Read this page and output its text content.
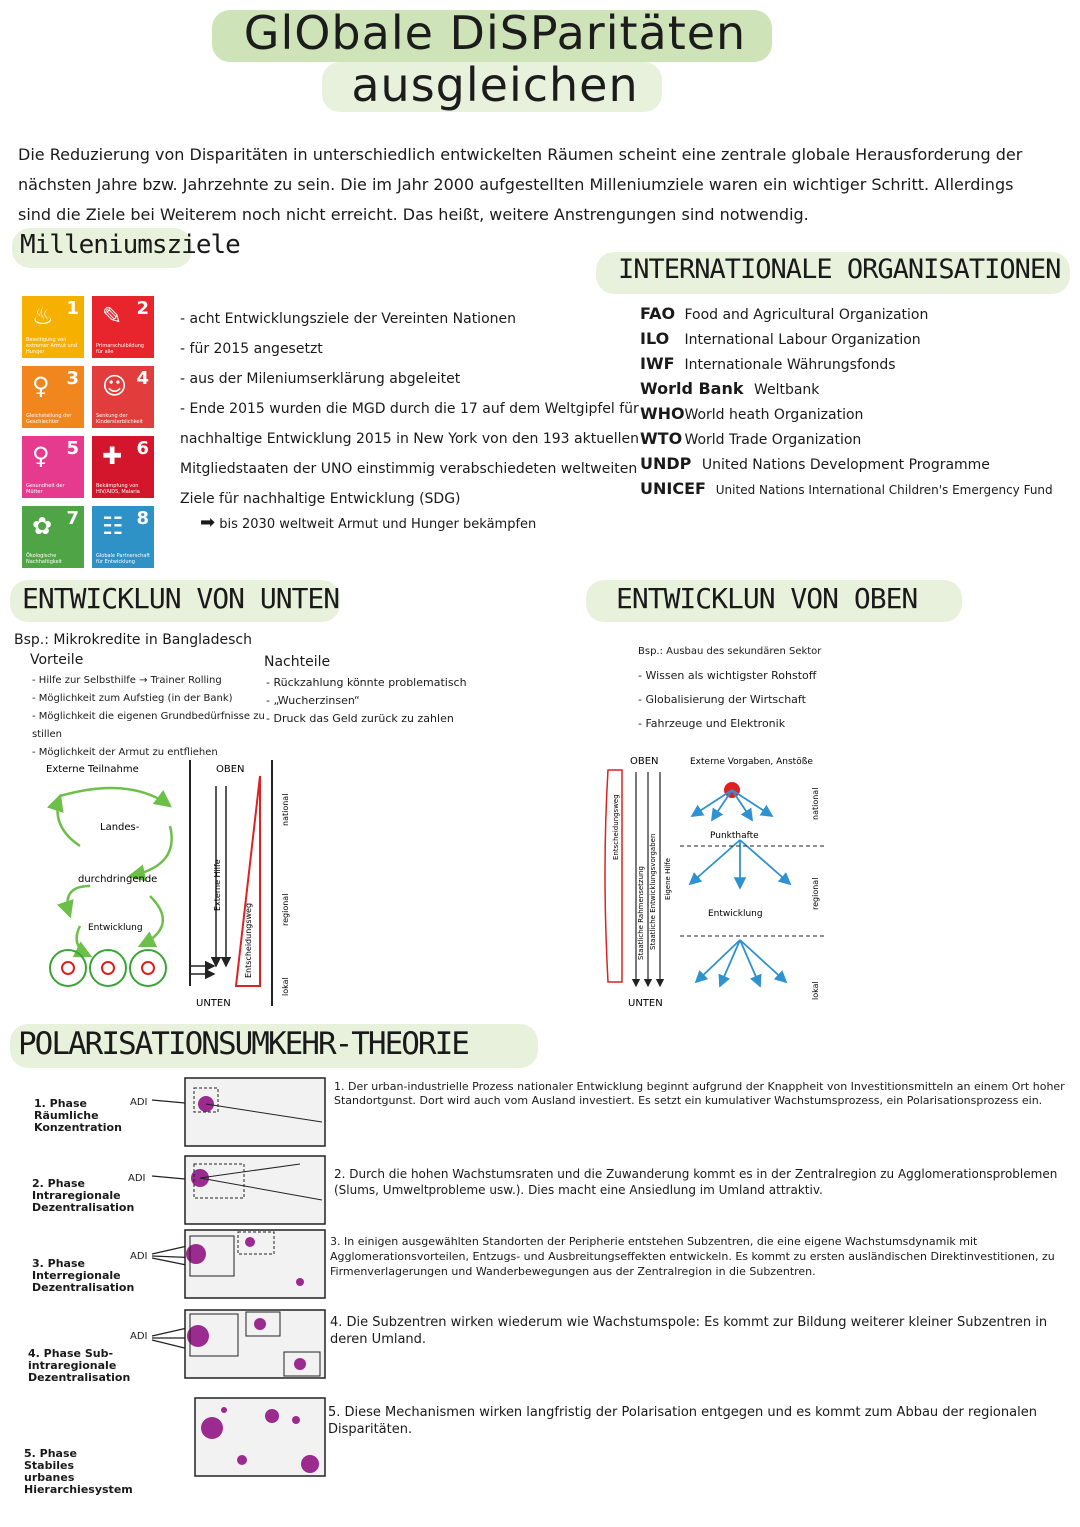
GlObale DiSParitäten
ausgleichen
Die Reduzierung von Disparitäten in unterschiedlich entwickelten Räumen scheint eine zentrale globale Herausforderung der nächsten Jahre bzw. Jahrzehnte zu sein. Die im Jahr 2000 aufgestellten Milleniumziele waren ein wichtiger Schritt. Allerdings sind die Ziele bei Weiterem noch nicht erreicht. Das heißt, weitere Anstrengungen sind notwendig.
Milleniumsziele
1
♨
Beseitigung von extremer Armut und Hunger
2
✎
Primarschulbildung für alle
3
♀
Gleichstellung der Geschlechter
4
☺
Senkung der Kindersterblichkeit
5
♀
Gesundheit der Mütter
6
✚
Bekämpfung von HIV/AIDS, Malaria
7
✿
Ökologische Nachhaltigkeit
8
☷
Globale Partnerschaft für Entwicklung
- acht Entwicklungsziele der Vereinten Nationen
- für 2015 angesetzt
- aus der Mileniumserklärung abgeleitet
- Ende 2015 wurden die MGD durch die 17 auf dem Weltgipfel für nachhaltige Entwicklung 2015 in New York von den 193 aktuellen Mitgliedstaaten der UNO einstimmig verabschiedeten weltweiten Ziele für nachhaltige Entwicklung (SDG)
➡ bis 2030 weltweit Armut und Hunger bekämpfen
INTERNATIONALE ORGANISATIONEN
FAO Food and Agricultural Organization
ILO International Labour Organization
IWF Internationale Währungsfonds
World Bank Weltbank
WHO World heath Organization
WTO World Trade Organization
UNDP United Nations Development Programme
UNICEF United Nations International Children's Emergency Fund
ENTWICKLUN VON UNTEN
Bsp.: Mikrokredite in Bangladesch
Vorteile
- Hilfe zur Selbsthilfe → Trainer Rolling
- Möglichkeit zum Aufstieg (in der Bank)
- Möglichkeit die eigenen Grundbedürfnisse zu stillen
- Möglichkeit der Armut zu entfliehen
Nachteile
- Rückzahlung könnte problematisch
- „Wucherzinsen“
- Druck das Geld zurück zu zahlen
Externe Teilnahme
Landes-
durchdringende
Entwicklung
OBEN
UNTEN
Externe Hilfe
Entscheidungsweg
national
regional
lokal
ENTWICKLUN VON OBEN
Bsp.: Ausbau des sekundären Sektor
- Wissen als wichtigster Rohstoff
- Globalisierung der Wirtschaft
- Fahrzeuge und Elektronik
OBEN
UNTEN
Entscheidungsweg
Staatliche Rahmensetzung Staatliche Entwicklungsvorgaben Eigene Hilfe
Externe Vorgaben, Anstöße
Punkthafte
Entwicklung
national
regional
lokal
POLARISATIONSUMKEHR-THEORIE
1. Phase Räumliche Konzentration
2. Phase Intraregionale Dezentralisation
3. Phase Interregionale Dezentralisation
4. Phase Sub-intraregionale Dezentralisation
5. Phase Stabiles urbanes Hierarchiesystem
ADI
ADI
ADI
ADI
1. Der urban-industrielle Prozess nationaler Entwicklung beginnt aufgrund der Knappheit von Investitionsmitteln an einem Ort hoher Standortgunst. Dort wird auch vom Ausland investiert. Es setzt ein kumulativer Wachstumsprozess, ein Polarisationsprozess ein.
2. Durch die hohen Wachstumsraten und die Zuwanderung kommt es in der Zentralregion zu Agglomerationsproblemen (Slums, Umweltprobleme usw.). Dies macht eine Ansiedlung im Umland attraktiv.
3. In einigen ausgewählten Standorten der Peripherie entstehen Subzentren, die eine eigene Wachstumsdynamik mit Agglomerationsvorteilen, Entzugs- und Ausbreitungseffekten entwickeln. Es kommt zu ersten ausländischen Direktinvestitionen, zu Firmenverlagerungen und Wanderbewegungen aus der Zentralregion in die Subzentren.
4. Die Subzentren wirken wiederum wie Wachstumspole: Es kommt zur Bildung weiterer kleiner Subzentren in deren Umland.
5. Diese Mechanismen wirken langfristig der Polarisation entgegen und es kommt zum Abbau der regionalen Disparitäten.
